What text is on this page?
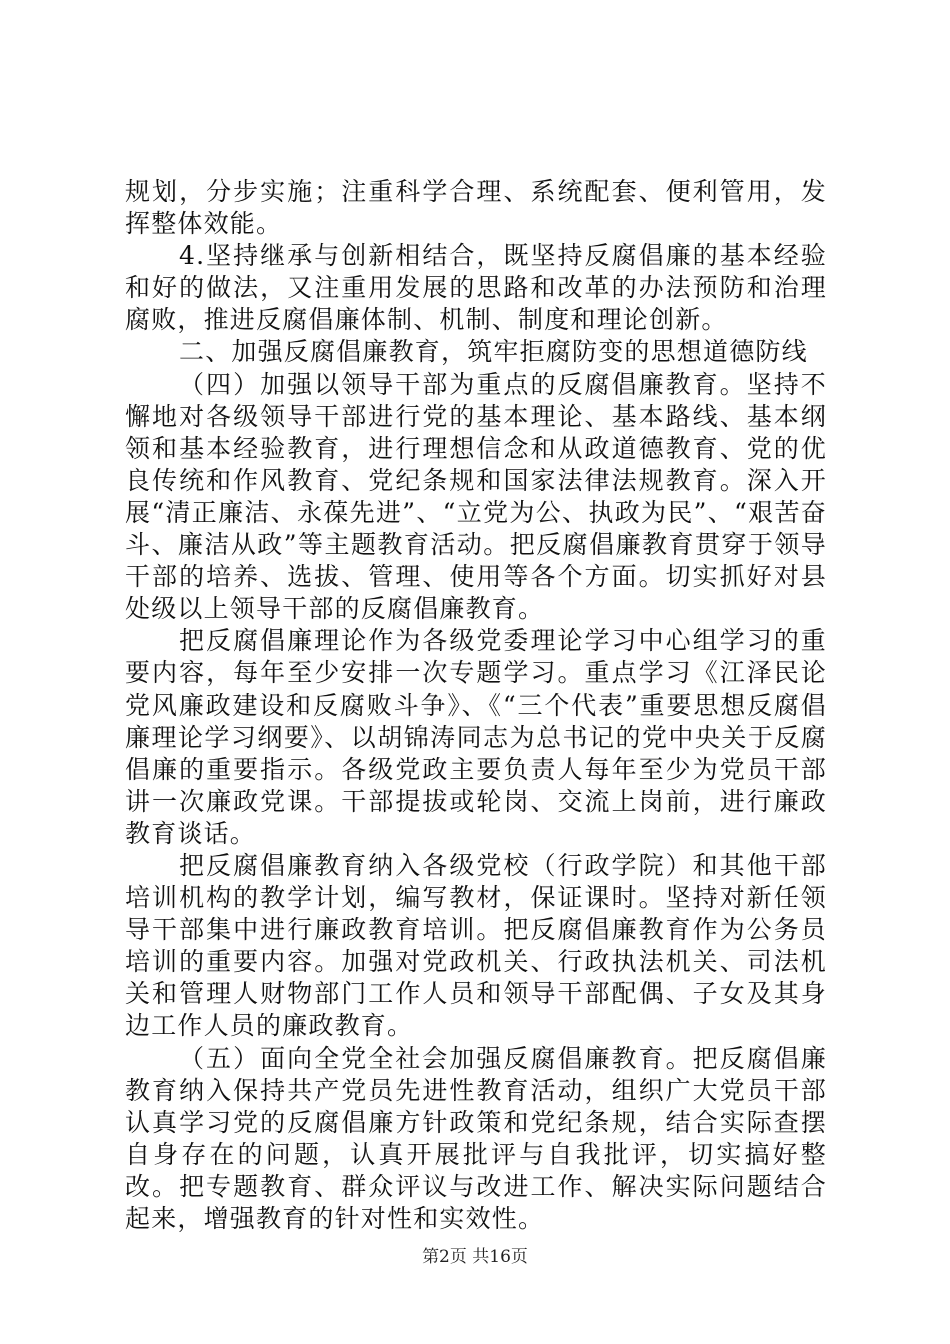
规划，分步实施；注重科学合理、系统配套、便利管用，发挥整体效能。

4.坚持继承与创新相结合，既坚持反腐倡廉的基本经验和好的做法，又注重用发展的思路和改革的办法预防和治理腐败，推进反腐倡廉体制、机制、制度和理论创新。

二、加强反腐倡廉教育，筑牢拒腐防变的思想道德防线

（四）加强以领导干部为重点的反腐倡廉教育。坚持不懈地对各级领导干部进行党的基本理论、基本路线、基本纲领和基本经验教育，进行理想信念和从政道德教育、党的优良传统和作风教育、党纪条规和国家法律法规教育。深入开展“清正廉洁、永葆先进”、“立党为公、执政为民”、“艰苦奋斗、廉洁从政”等主题教育活动。把反腐倡廉教育贯穿于领导干部的培养、选拔、管理、使用等各个方面。切实抓好对县处级以上领导干部的反腐倡廉教育。

把反腐倡廉理论作为各级党委理论学习中心组学习的重要内容，每年至少安排一次专题学习。重点学习《江泽民论党风廉政建设和反腐败斗争》、《“三个代表”重要思想反腐倡廉理论学习纲要》、以胡锦涛同志为总书记的党中央关于反腐倡廉的重要指示。各级党政主要负责人每年至少为党员干部讲一次廉政党课。干部提拔或轮岗、交流上岗前，进行廉政教育谈话。

把反腐倡廉教育纳入各级党校（行政学院）和其他干部培训机构的教学计划，编写教材，保证课时。坚持对新任领导干部集中进行廉政教育培训。把反腐倡廉教育作为公务员培训的重要内容。加强对党政机关、行政执法机关、司法机关和管理人财物部门工作人员和领导干部配偶、子女及其身边工作人员的廉政教育。

（五）面向全党全社会加强反腐倡廉教育。把反腐倡廉教育纳入保持共产党员先进性教育活动，组织广大党员干部认真学习党的反腐倡廉方针政策和党纪条规，结合实际查摆自身存在的问题，认真开展批评与自我批评，切实搞好整改。把专题教育、群众评议与改进工作、解决实际问题结合起来，增强教育的针对性和实效性。

第2页 共16页
